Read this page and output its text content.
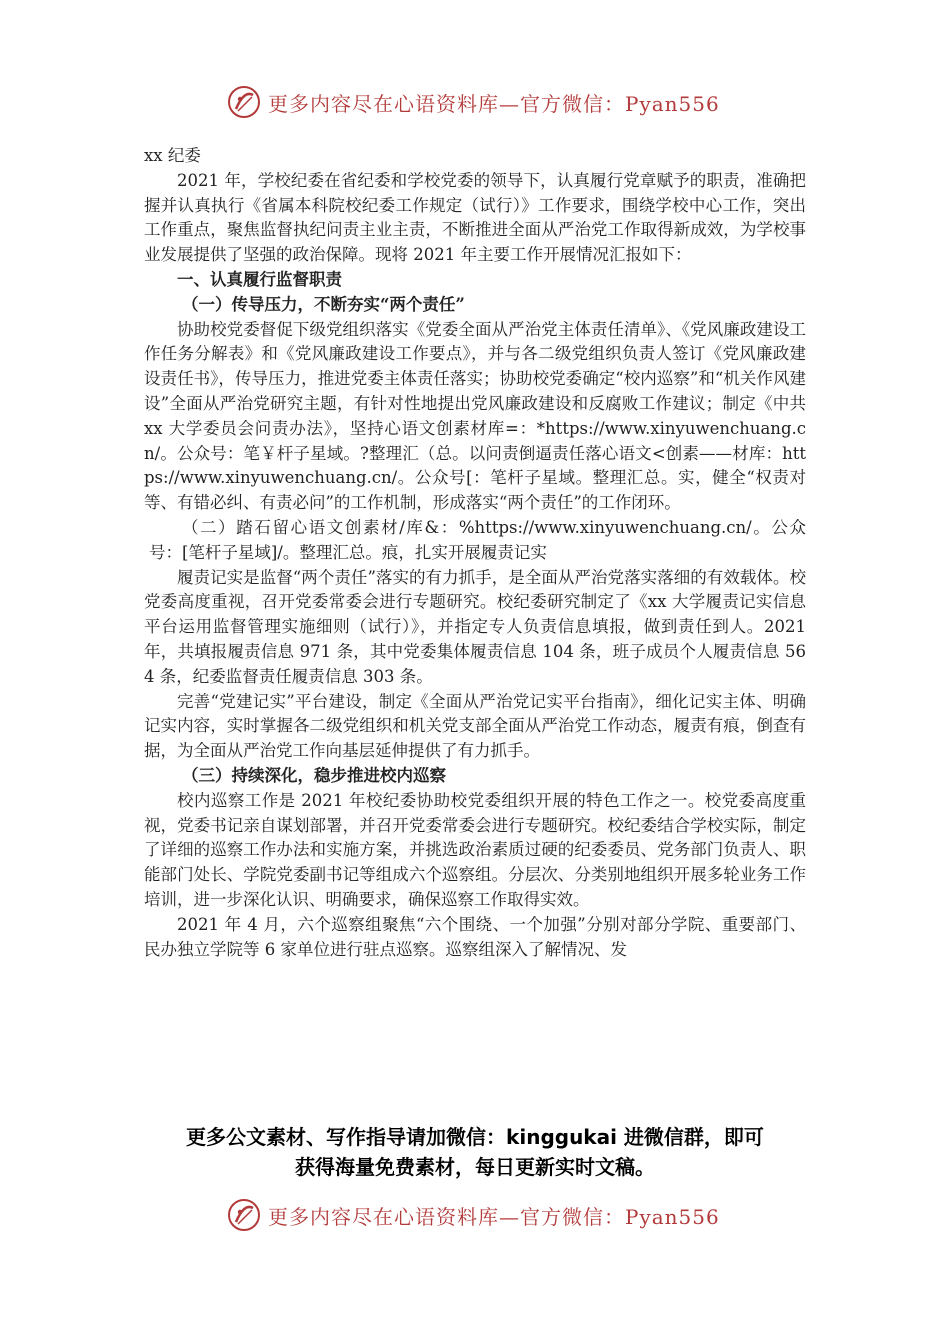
更多内容尽在心语资料库—官方微信：Pyan556

xx 纪委

2021 年，学校纪委在省纪委和学校党委的领导下，认真履行党章赋予的职责，准确把握并认真执行《省属本科院校纪委工作规定（试行）》工作要求，围绕学校中心工作，突出工作重点，聚焦监督执纪问责主业主责，不断推进全面从严治党工作取得新成效，为学校事业发展提供了坚强的政治保障。现将 2021 年主要工作开展情况汇报如下：

一、认真履行监督职责

（一）传导压力，不断夯实“两个责任”

协助校党委督促下级党组织落实《党委全面从严治党主体责任清单》、《党风廉政建设工作任务分解表》和《党风廉政建设工作要点》，并与各二级党组织负责人签订《党风廉政建设责任书》，传导压力，推进党委主体责任落实；协助校党委确定“校内巡察”和“机关作风建设”全面从严治党研究主题，有针对性地提出党风廉政建设和反腐败工作建议；制定《中共 xx 大学委员会问责办法》，坚持心语文创素材库=：*https://www.xinyuwenchuang.cn/。公众号：笔￥杆子星域。?整理汇（总。以问责倒逼责任落心语文<创素——材库：https://www.xinyuwenchuang.cn/。公众号[：笔杆子星域。整理汇总。实，健全“权责对等、有错必纠、有责必问”的工作机制，形成落实“两个责任”的工作闭环。

（二）踏石留心语文创素材/库&：%https://www.xinyuwenchuang.cn/。公众号：[笔杆子星域]/。整理汇总。痕，扎实开展履责记实

履责记实是监督“两个责任”落实的有力抓手，是全面从严治党落实落细的有效载体。校党委高度重视，召开党委常委会进行专题研究。校纪委研究制定了《xx 大学履责记实信息平台运用监督管理实施细则（试行）》，并指定专人负责信息填报，做到责任到人。2021 年，共填报履责信息 971 条，其中党委集体履责信息 104 条，班子成员个人履责信息 564 条，纪委监督责任履责信息 303 条。

完善“党建记实”平台建设，制定《全面从严治党记实平台指南》，细化记实主体、明确记实内容，实时掌握各二级党组织和机关党支部全面从严治党工作动态，履责有痕，倒查有据，为全面从严治党工作向基层延伸提供了有力抓手。

（三）持续深化，稳步推进校内巡察

校内巡察工作是 2021 年校纪委协助校党委组织开展的特色工作之一。校党委高度重视，党委书记亲自谋划部署，并召开党委常委会进行专题研究。校纪委结合学校实际，制定了详细的巡察工作办法和实施方案，并挑选政治素质过硬的纪委委员、党务部门负责人、职能部门处长、学院党委副书记等组成六个巡察组。分层次、分类别地组织开展多轮业务工作培训，进一步深化认识、明确要求，确保巡察工作取得实效。

2021 年 4 月，六个巡察组聚焦“六个围绕、一个加强”分别对部分学院、重要部门、民办独立学院等 6 家单位进行驻点巡察。巡察组深入了解情况、发

更多公文素材、写作指导请加微信：kinggukai 进微信群，即可
获得海量免费素材，每日更新实时文稿。
更多内容尽在心语资料库—官方微信：Pyan556
